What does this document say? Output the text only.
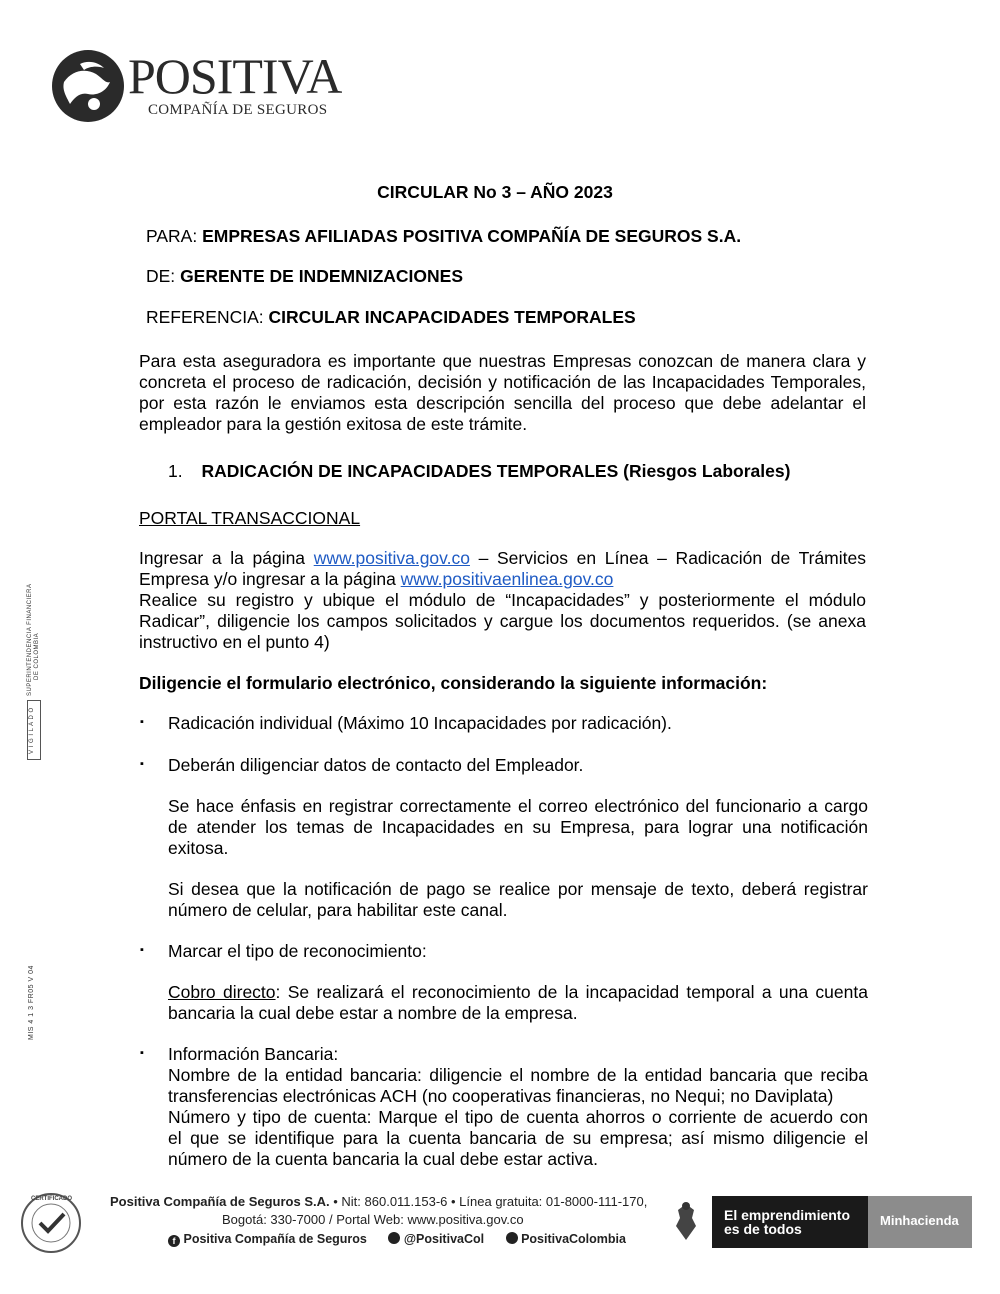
POSITIVA
COMPAÑÍA DE SEGUROS
CIRCULAR No 3 – AÑO 2023
PARA: EMPRESAS AFILIADAS POSITIVA COMPAÑÍA DE SEGUROS S.A.
DE: GERENTE DE INDEMNIZACIONES
REFERENCIA: CIRCULAR INCAPACIDADES TEMPORALES
Para esta aseguradora es importante que nuestras Empresas conozcan de manera clara y
concreta el proceso de radicación, decisión y notificación de las Incapacidades Temporales,
por esta razón le enviamos esta descripción sencilla del proceso que debe adelantar el
empleador para la gestión exitosa de este trámite.
1. RADICACIÓN DE INCAPACIDADES TEMPORALES (Riesgos Laborales)
PORTAL TRANSACCIONAL
Ingresar a la página www.positiva.gov.co – Servicios en Línea – Radicación de Trámites
Empresa y/o ingresar a la página www.positivaenlinea.gov.co
Realice su registro y ubique el módulo de “Incapacidades” y posteriormente el módulo
Radicar”, diligencie los campos solicitados y cargue los documentos requeridos. (se anexa
instructivo en el punto 4)
Diligencie el formulario electrónico, considerando la siguiente información:
▪ Radicación individual (Máximo 10 Incapacidades por radicación).
▪ Deberán diligenciar datos de contacto del Empleador.
Se hace énfasis en registrar correctamente el correo electrónico del funcionario a cargo
de atender los temas de Incapacidades en su Empresa, para lograr una notificación
exitosa.
Si desea que la notificación de pago se realice por mensaje de texto, deberá registrar
número de celular, para habilitar este canal.
▪ Marcar el tipo de reconocimiento:
Cobro directo: Se realizará el reconocimiento de la incapacidad temporal a una cuenta
bancaria la cual debe estar a nombre de la empresa.
▪ Información Bancaria:
Nombre de la entidad bancaria: diligencie el nombre de la entidad bancaria que reciba
transferencias electrónicas ACH (no cooperativas financieras, no Nequi; no Daviplata)
Número y tipo de cuenta: Marque el tipo de cuenta ahorros o corriente de acuerdo con
el que se identifique para la cuenta bancaria de su empresa; así mismo diligencie el
número de la cuenta bancaria la cual debe estar activa.
V I G I L A D O
SUPERINTENDENCIA FINANCIERA DE COLOMBIA
MIS 4 1 3 FR05 V 04
CERTIFICADO	Positiva Compañía de Seguros S.A. • Nit: 860.011.153-6 • Línea gratuita: 01-8000-111-170,
Bogotá: 330-7000 / Portal Web: www.positiva.gov.co
f Positiva Compañía de Seguros	@PositivaCol	PositivaColombia
El emprendimiento
es de todos
Minhacienda
